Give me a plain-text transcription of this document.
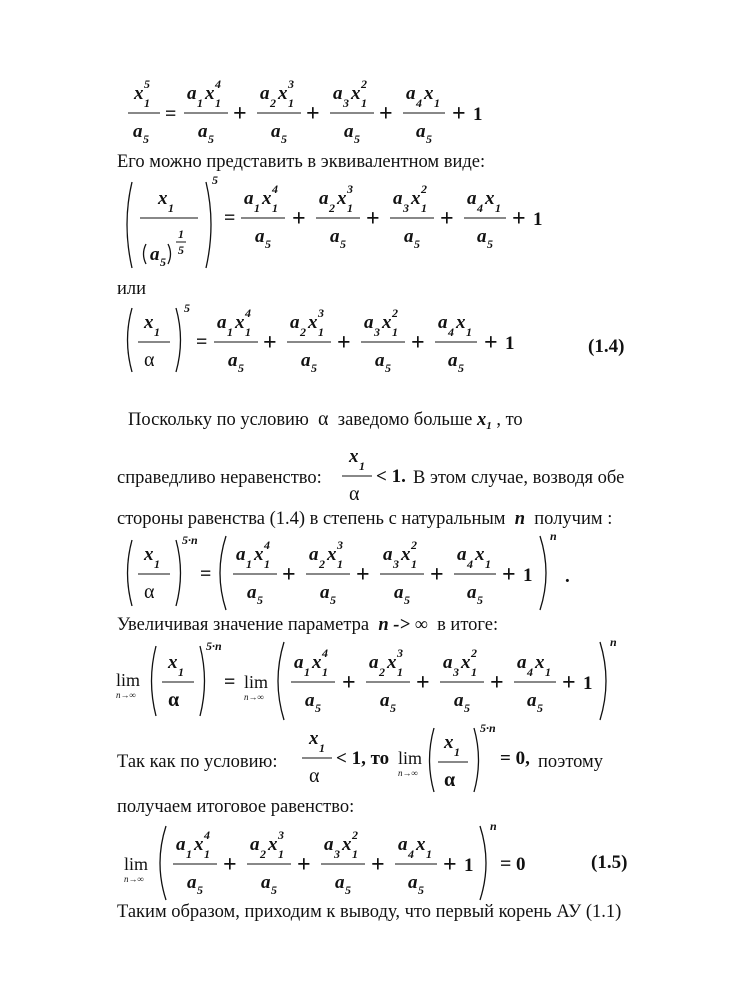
x 1
5
a 5
=
a 1 x 1
4
a 5
+
a 2 x 1
3
a 5
+
a 3 x 1
2
a 5
+
a 4 x 1
a 5
+ 1
Его можно представить в эквивалентном виде:
x 1
a 5
1
5
5
=
a 1 x 1
4
a 5
+
a 2 x 1
3
a 5
+
a 3 x 1
2
a 5
+
a 4 x 1
a 5
+ 1
или
x 1
α
5
=
a 1 x 1
4
a 5
+
a 2 x 1
3
a 5
+
a 3 x 1
2
a 5
+
a 4 x 1
a 5
+ 1	(1.4)
Поскольку по условию α заведомо больше $x_1$ , то
справедливо неравенство:
x 1
α
< 1. В этом случае, возводя обе
стороны равенства (1.4) в степень с натуральным n получим :
x 1
α
5·n
=
a 1 x 1
4
a 5
+
a 2 x 1
3
a 5
+
a 3 x 1
2
a 5
+
a 4 x 1
a 5
+ 1
n
.
Увеличивая значение параметра n -> ∞ в итоге:
lim
n→∞
x 1
α
5·n
= lim
n→∞
a 1 x 1
4
a 5
+
a 2 x 1
3
a 5
+
a 3 x 1
2
a 5
+
a 4 x 1
a 5
+ 1
n
Так как по условию:
x 1
α
< 1, то lim
n→∞
x 1
α
5·n
= 0, поэтому
получаем итоговое равенство:
lim
n→∞
a 1 x 1
4
a 5
+
a 2 x 1
3
a 5
+
a 3 x 1
2
a 5
+
a 4 x 1
a 5
+ 1
n
= 0	(1.5)
Таким образом, приходим к выводу, что первый корень АУ (1.1)
